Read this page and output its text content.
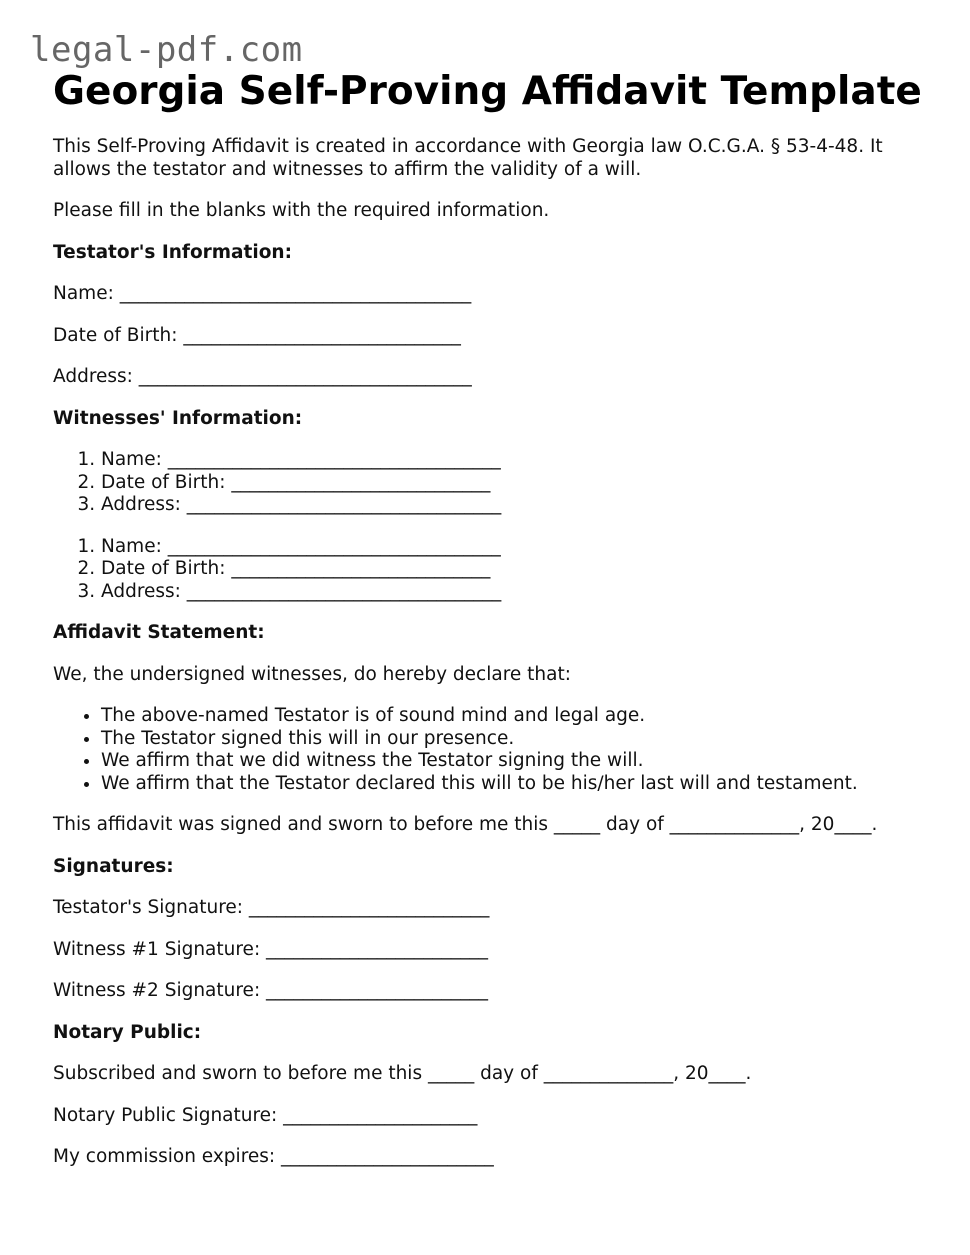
legal-pdf.com
Georgia Self-Proving Affidavit Template

This Self-Proving Affidavit is created in accordance with Georgia law O.C.G.A. § 53-4-48. It allows the testator and witnesses to affirm the validity of a will.

Please fill in the blanks with the required information.

Testator's Information:

Name: ______________________________________

Date of Birth: ______________________________

Address: ____________________________________

Witnesses' Information:

1. Name: ____________________________________
2. Date of Birth: ____________________________
3. Address: __________________________________
1. Name: ____________________________________
2. Date of Birth: ____________________________
3. Address: __________________________________

Affidavit Statement:

We, the undersigned witnesses, do hereby declare that:

• The above-named Testator is of sound mind and legal age.
• The Testator signed this will in our presence.
• We affirm that we did witness the Testator signing the will.
• We affirm that the Testator declared this will to be his/her last will and testament.

This affidavit was signed and sworn to before me this _____ day of ______________, 20____.

Signatures:

Testator's Signature: __________________________

Witness #1 Signature: ________________________

Witness #2 Signature: ________________________

Notary Public:

Subscribed and sworn to before me this _____ day of ______________, 20____.

Notary Public Signature: _____________________

My commission expires: _______________________
